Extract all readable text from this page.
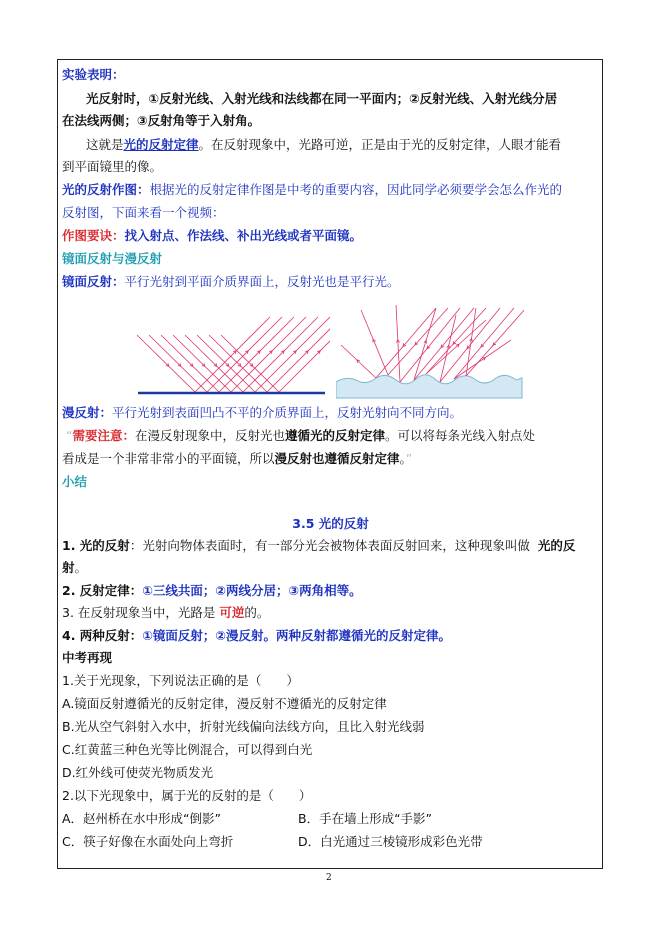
实验表明：
光反射时，①反射光线、入射光线和法线都在同一平面内；②反射光线、入射光线分居
在法线两侧；③反射角等于入射角。
这就是光的反射定律。在反射现象中，光路可逆，正是由于光的反射定律，人眼才能看
到平面镜里的像。
光的反射作图：根据光的反射定律作图是中考的重要内容，因此同学必须要学会怎么作光的
反射图，下面来看一个视频：
作图要诀：找入射点、作法线、补出光线或者平面镜。
镜面反射与漫反射
镜面反射：平行光射到平面介质界面上，反射光也是平行光。
漫反射：平行光射到表面凹凸不平的介质界面上，反射光射向不同方向。
“需要注意：在漫反射现象中，反射光也遵循光的反射定律。可以将每条光线入射点处
看成是一个非常非常小的平面镜，所以漫反射也遵循反射定律。”
小结
3.5 光的反射
1. 光的反射：光射向物体表面时，有一部分光会被物体表面反射回来，这种现象叫做 光的反
射。
2. 反射定律：①三线共面；②两线分居；③两角相等。
3. 在反射现象当中，光路是 可逆的。
4. 两种反射：①镜面反射；②漫反射。两种反射都遵循光的反射定律。
中考再现
1.关于光现象，下列说法正确的是（　　）
A.镜面反射遵循光的反射定律，漫反射不遵循光的反射定律
B.光从空气斜射入水中，折射光线偏向法线方向，且比入射光线弱
C.红黄蓝三种色光等比例混合，可以得到白光
D.红外线可使荧光物质发光
2.以下光现象中，属于光的反射的是（　　）
A．赵州桥在水中形成“倒影”	B．手在墙上形成“手影”
C．筷子好像在水面处向上弯折	D．白光通过三棱镜形成彩色光带
2
